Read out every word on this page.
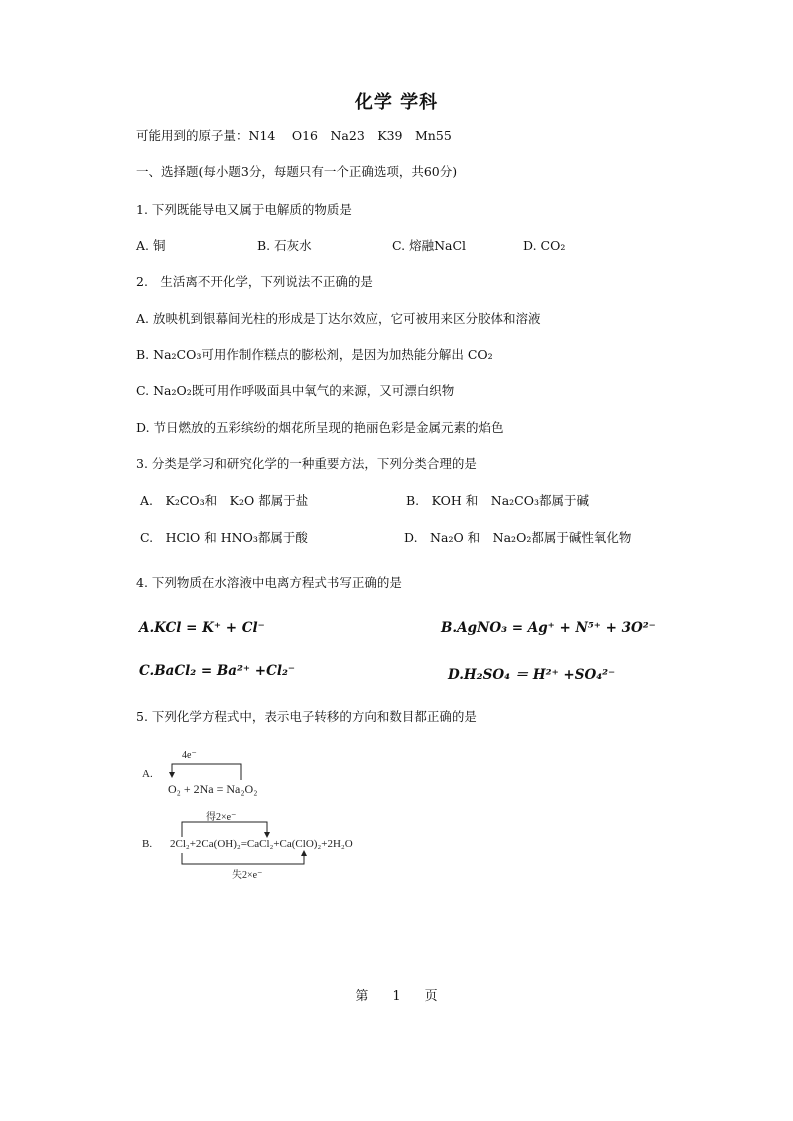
化学 学科
可能用到的原子量：N14　 O16　Na23　K39　Mn55
一、选择题(每小题3分，每题只有一个正确选项，共60分)
1. 下列既能导电又属于电解质的物质是
A. 铜	B. 石灰水	C. 熔融NaCl	D. CO₂
2.　生活离不开化学，下列说法不正确的是
A. 放映机到银幕间光柱的形成是丁达尔效应，它可被用来区分胶体和溶液
B. Na₂CO₃可用作制作糕点的膨松剂，是因为加热能分解出 CO₂
C. Na₂O₂既可用作呼吸面具中氧气的来源，又可漂白织物
D. 节日燃放的五彩缤纷的烟花所呈现的艳丽色彩是金属元素的焰色
3. 分类是学习和研究化学的一种重要方法，下列分类合理的是
A.　K₂CO₃和　K₂O 都属于盐	B.　KOH 和　Na₂CO₃都属于碱
C.　HClO 和 HNO₃都属于酸	D.　Na₂O 和　Na₂O₂都属于碱性氧化物
4. 下列物质在水溶液中电离方程式书写正确的是
A.KCl = K⁺ + Cl⁻	B.AgNO₃ = Ag⁺ + N⁵⁺ + 3O²⁻
C.BaCl₂ = Ba²⁺ +Cl₂⁻	D.H₂SO₄ ＝ H²⁺ +SO₄²⁻
5. 下列化学方程式中，表示电子转移的方向和数目都正确的是
A.
4e⁻
O₂ + 2Na = Na₂O₂
B.
得2×e⁻
2Cl₂+2Ca(OH)₂=CaCl₂+Ca(ClO)₂+2H₂O
失2×e⁻
第 1 页
